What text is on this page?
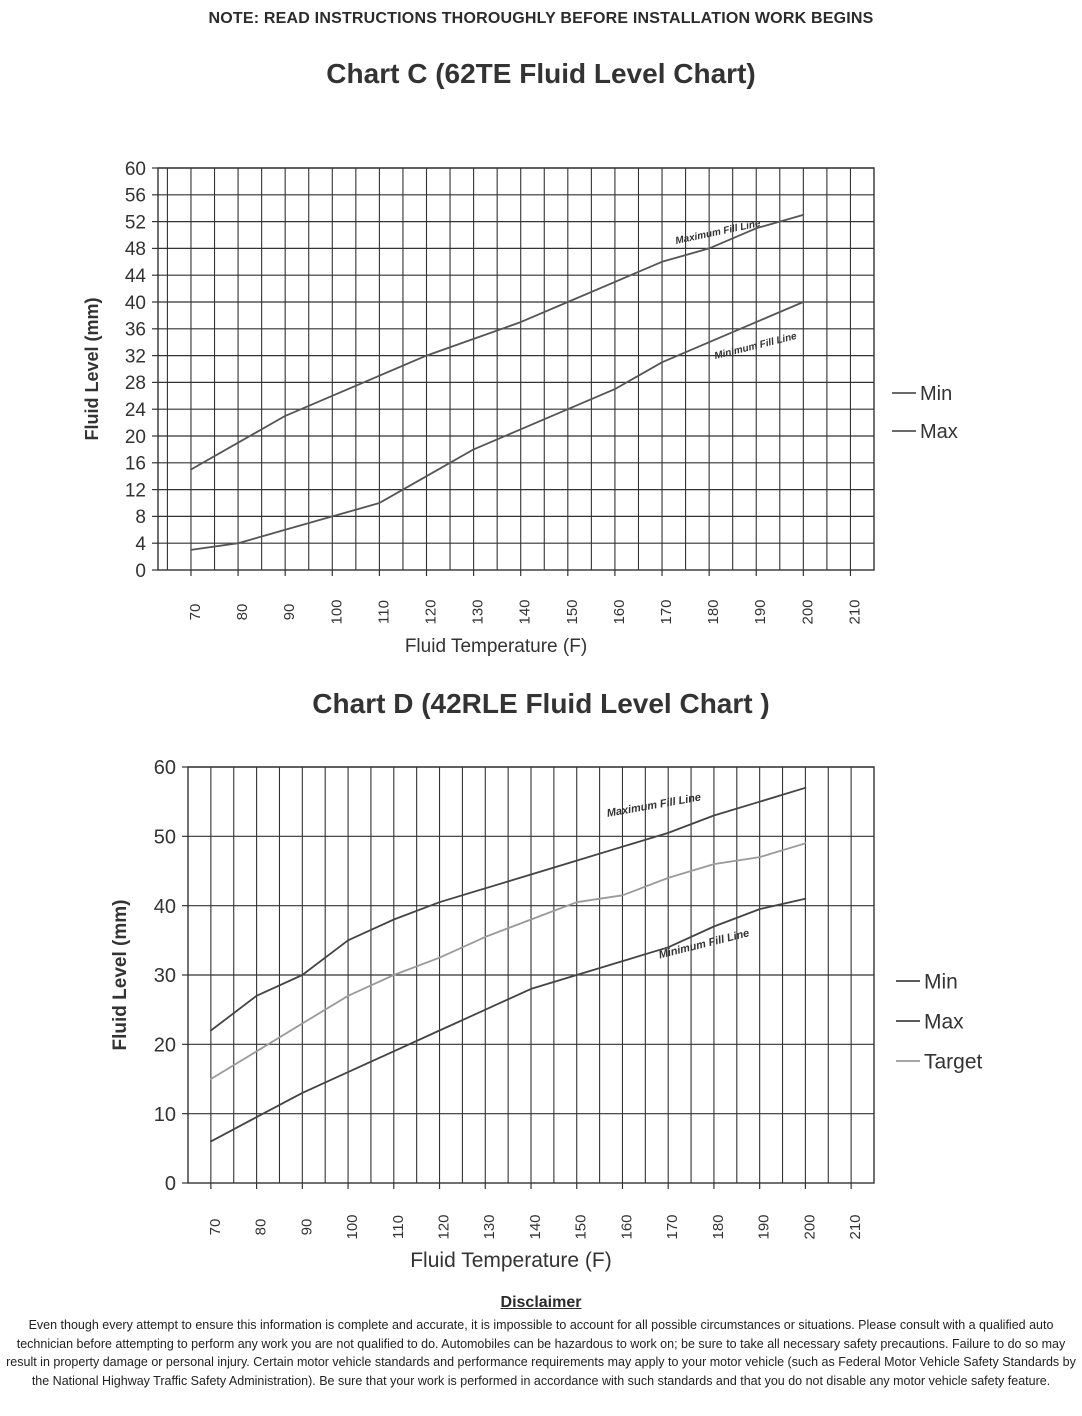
NOTE: READ INSTRUCTIONS THOROUGHLY BEFORE INSTALLATION WORK BEGINS
Chart C (62TE Fluid Level Chart)
0
4
8
12
16
20
24
28
32
36
40
44
48
52
56
60
70 80 90 100 110 120 130 140 150 160 170 180 190 200 210
Fluid Temperature (F)
Fluid Level (mm)
Maximum Fill Line
Minimum Fill Line
Min
Max
Chart D (42RLE Fluid Level Chart )
0
10
20
30
40
50
60
70 80 90 100 110 120 130 140 150 160 170 180 190 200 210
Fluid Temperature (F)
Fluid Level (mm)
Maximum Fill Line
Minimum Fill Line
Min
Max
Target
Disclaimer
Even though every attempt to ensure this information is complete and accurate, it is impossible to account for all possible circumstances or situations. Please consult with a qualified auto technician before attempting to perform any work you are not qualified to do. Automobiles can be hazardous to work on; be sure to take all necessary safety precautions. Failure to do so may result in property damage or personal injury. Certain motor vehicle standards and performance requirements may apply to your motor vehicle (such as Federal Motor Vehicle Safety Standards by the National Highway Traffic Safety Administration). Be sure that your work is performed in accordance with such standards and that you do not disable any motor vehicle safety feature.
